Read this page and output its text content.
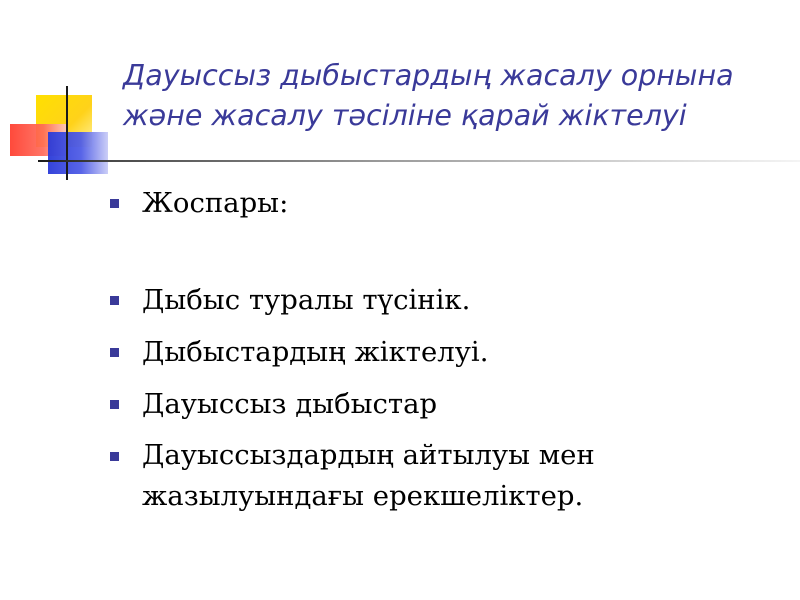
Дауыссыз дыбыстардың жасалу орнына және жасалу тәсіліне қарай жіктелуі
Жоспары:
Дыбыс туралы түсінік.
Дыбыстардың жіктелуі.
Дауыссыз дыбыстар
Дауыссыздардың айтылуы мен жазылуындағы ерекшеліктер.
